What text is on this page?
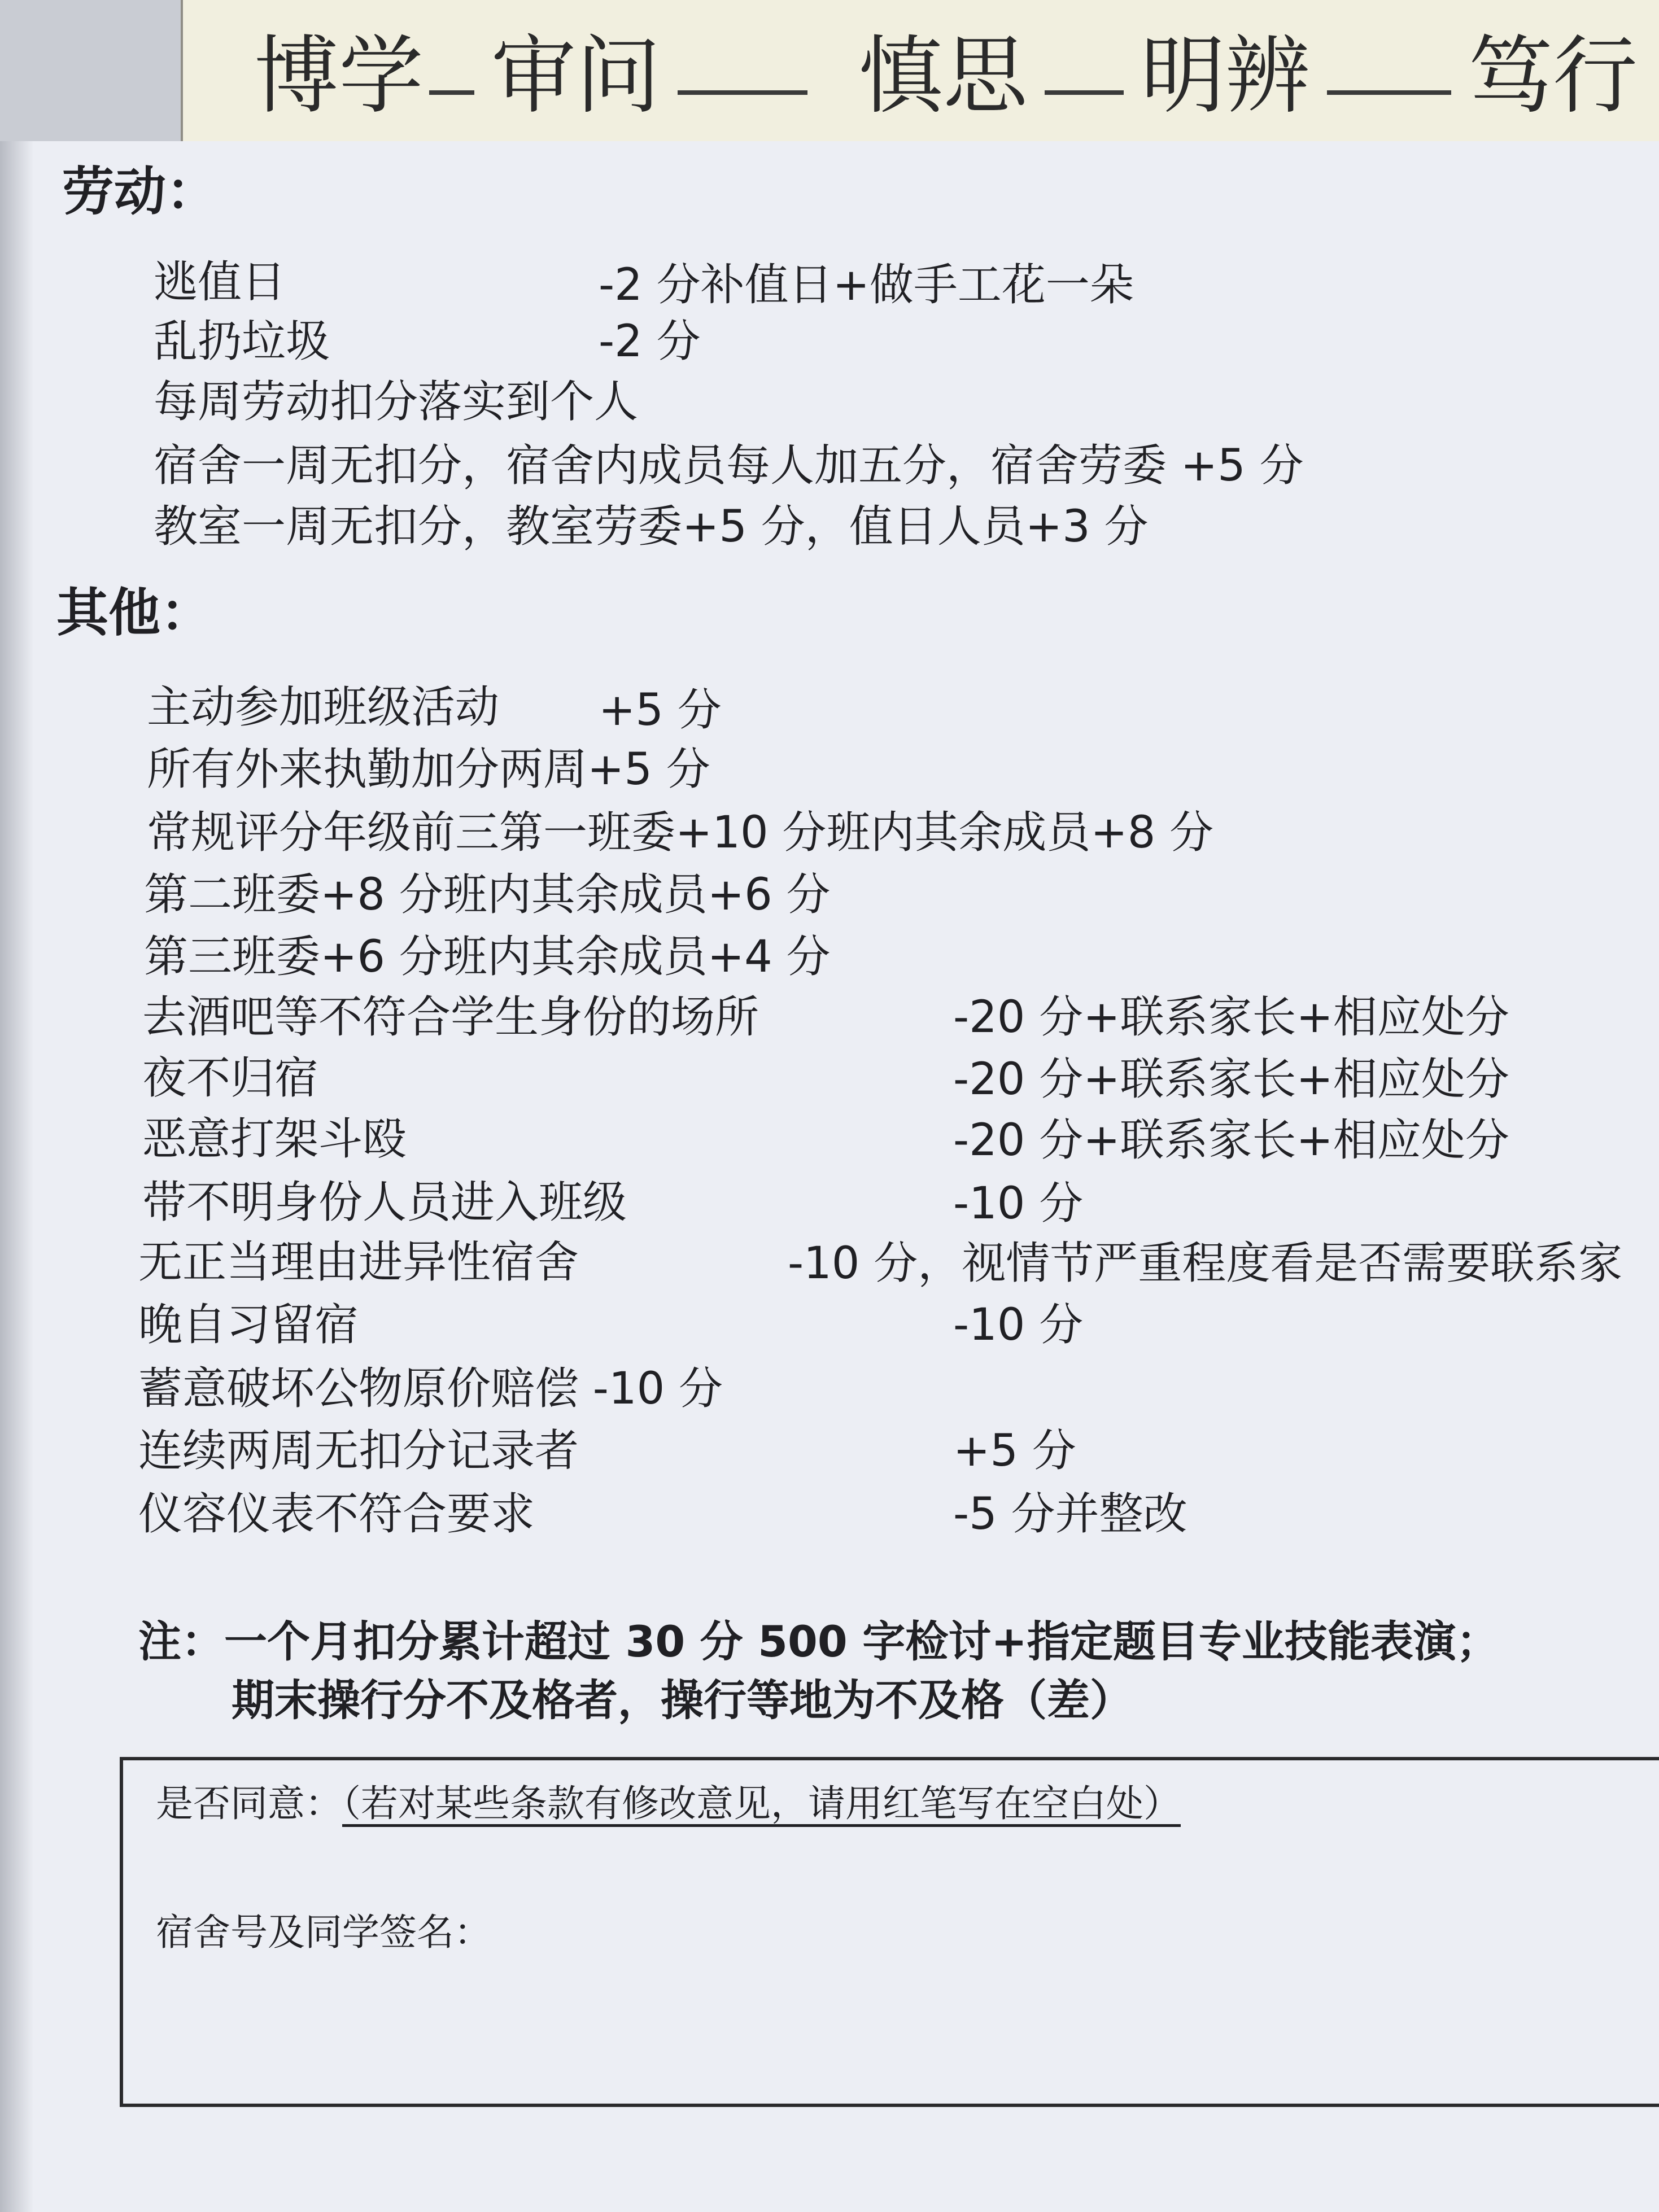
博学 审问 慎思 明辨 笃行
劳动：
逃值日	-2 分补值日+做手工花一朵
乱扔垃圾	-2 分
每周劳动扣分落实到个人
宿舍一周无扣分，宿舍内成员每人加五分，宿舍劳委 +5 分
教室一周无扣分，教室劳委+5 分，值日人员+3 分
其他：
主动参加班级活动 +5 分
所有外来执勤加分两周+5 分
常规评分年级前三第一班委+10 分班内其余成员+8 分
第二班委+8 分班内其余成员+6 分
第三班委+6 分班内其余成员+4 分
去酒吧等不符合学生身份的场所	-20 分+联系家长+相应处分
夜不归宿	-20 分+联系家长+相应处分
恶意打架斗殴	-20 分+联系家长+相应处分
带不明身份人员进入班级	-10 分
无正当理由进异性宿舍	-10 分，视情节严重程度看是否需要联系家
晚自习留宿	-10 分
蓄意破坏公物原价赔偿 -10 分
连续两周无扣分记录者	+5 分
仪容仪表不符合要求	-5 分并整改
注：一个月扣分累计超过 30 分 500 字检讨+指定题目专业技能表演；
期末操行分不及格者，操行等地为不及格（差）
是否同意：（若对某些条款有修改意见，请用红笔写在空白处）
宿舍号及同学签名：
